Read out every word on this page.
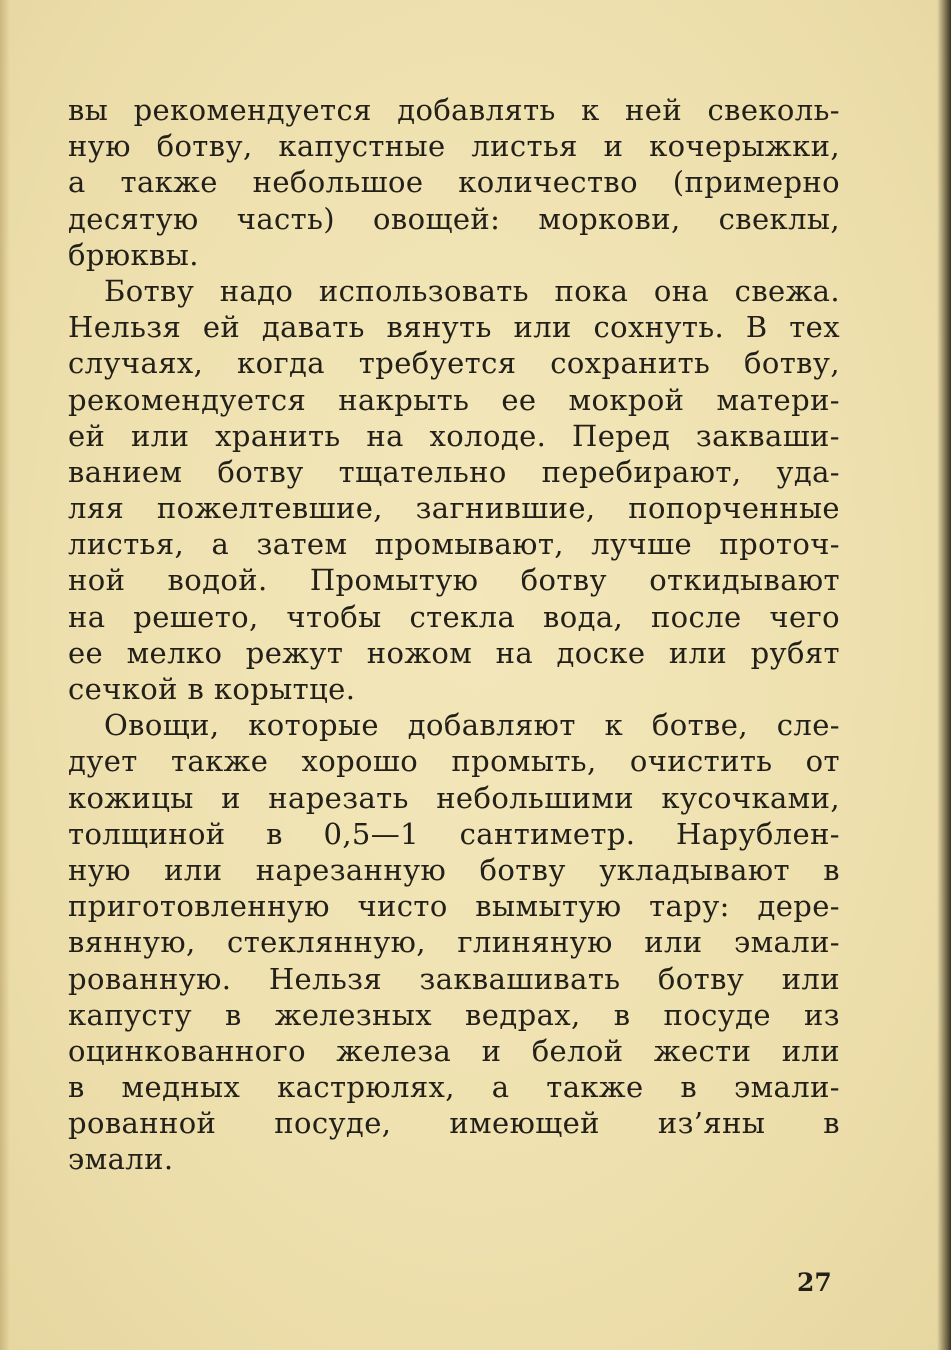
вы рекомендуется добавлять к ней свеколь-
ную ботву, капустные листья и кочерыжки,
а также небольшое количество (примерно
десятую часть) овощей: моркови, свеклы,
брюквы.
Ботву надо использовать пока она свежа.
Нельзя ей давать вянуть или сохнуть. В тех
случаях, когда требуется сохранить ботву,
рекомендуется накрыть ее мокрой матери-
ей или хранить на холоде. Перед закваши-
ванием ботву тщательно перебирают, уда-
ляя пожелтевшие, загнившие, попорченные
листья, а затем промывают, лучше проточ-
ной водой. Промытую ботву откидывают
на решето, чтобы стекла вода, после чего
ее мелко режут ножом на доске или рубят
сечкой в корытце.
Овощи, которые добавляют к ботве, сле-
дует также хорошо промыть, очистить от
кожицы и нарезать небольшими кусочками,
толщиной в 0,5—1 сантиметр. Нарублен-
ную или нарезанную ботву укладывают в
приготовленную чисто вымытую тару: дере-
вянную, стеклянную, глиняную или эмали-
рованную. Нельзя заквашивать ботву или
капусту в железных ведрах, в посуде из
оцинкованного железа и белой жести или
в медных кастрюлях, а также в эмали-
рованной посуде, имеющей из’яны в
эмали.
27
